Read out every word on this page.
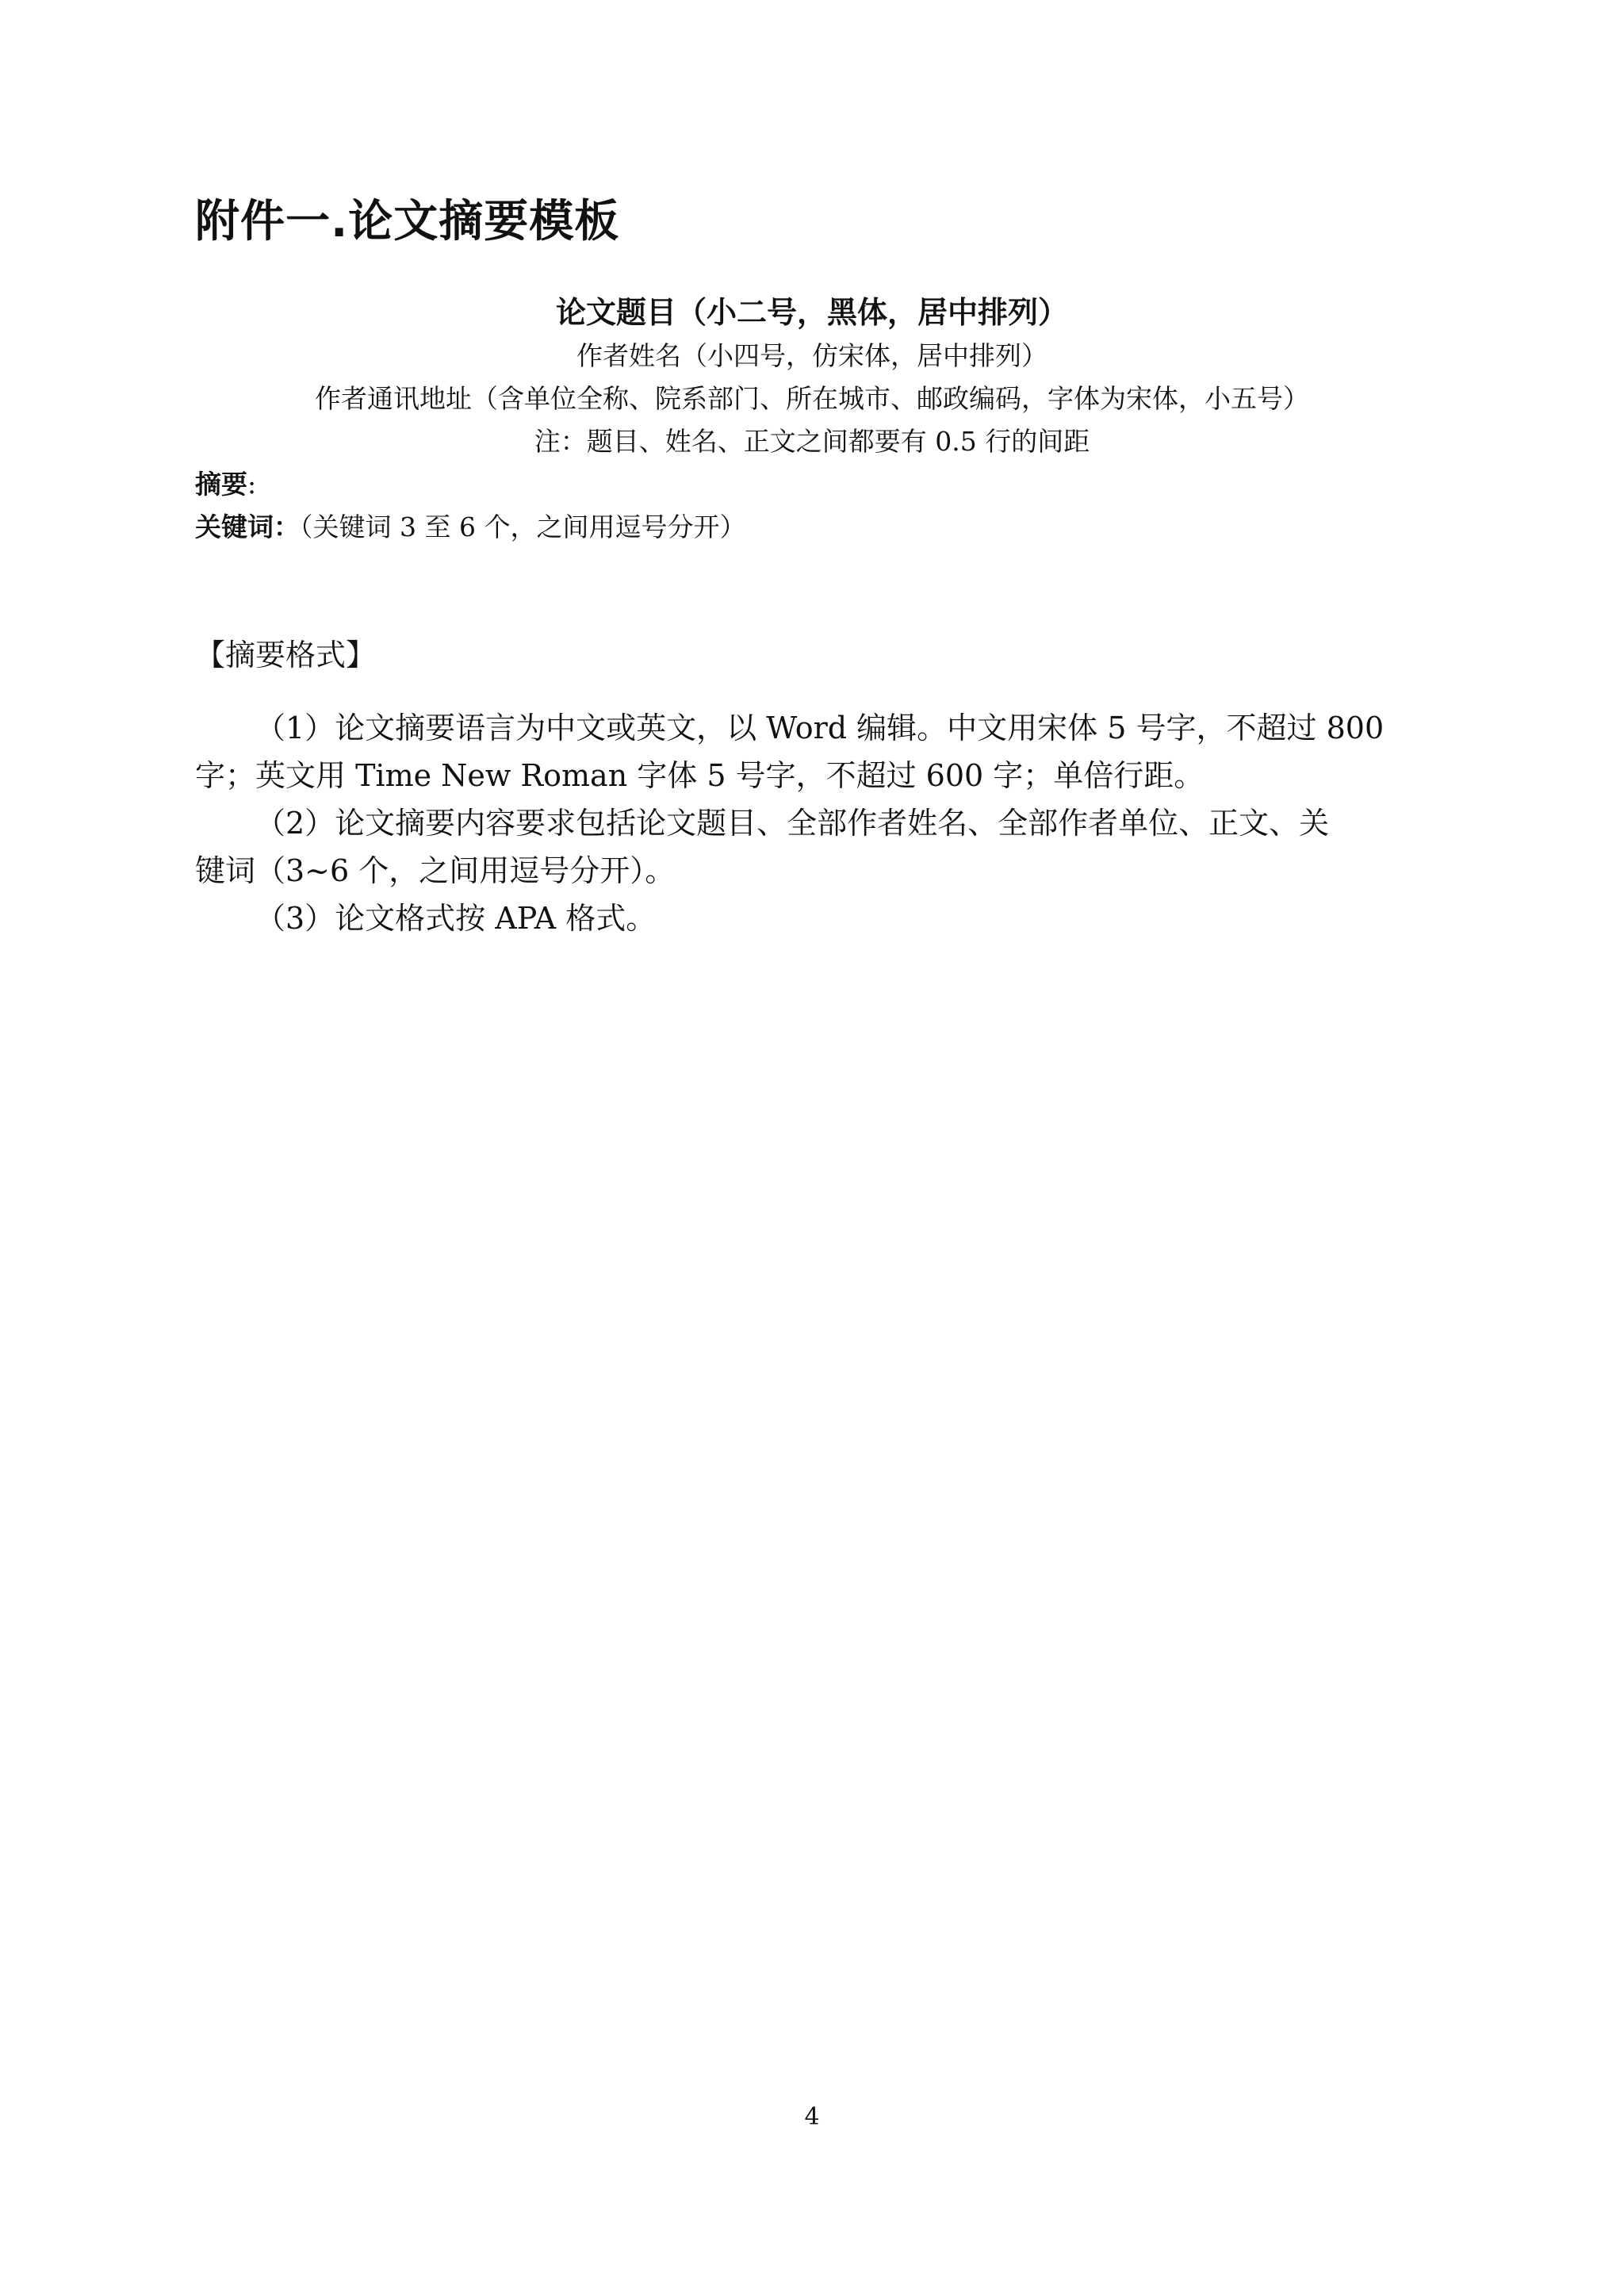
附件一.论文摘要模板

论文题目（小二号，黑体，居中排列）

作者姓名（小四号，仿宋体，居中排列）

作者通讯地址（含单位全称、院系部门、所在城市、邮政编码，字体为宋体，小五号）

注：题目、姓名、正文之间都要有 0.5 行的间距

摘要:

关键词：（关键词 3 至 6 个，之间用逗号分开）

【摘要格式】

（1）论文摘要语言为中文或英文，以 Word 编辑。中文用宋体 5 号字，不超过 800
字；英文用 Time New Roman 字体 5 号字，不超过 600 字；单倍行距。
（2）论文摘要内容要求包括论文题目、全部作者姓名、全部作者单位、正文、关
键词（3~6 个，之间用逗号分开）。
（3）论文格式按 APA 格式。

4
